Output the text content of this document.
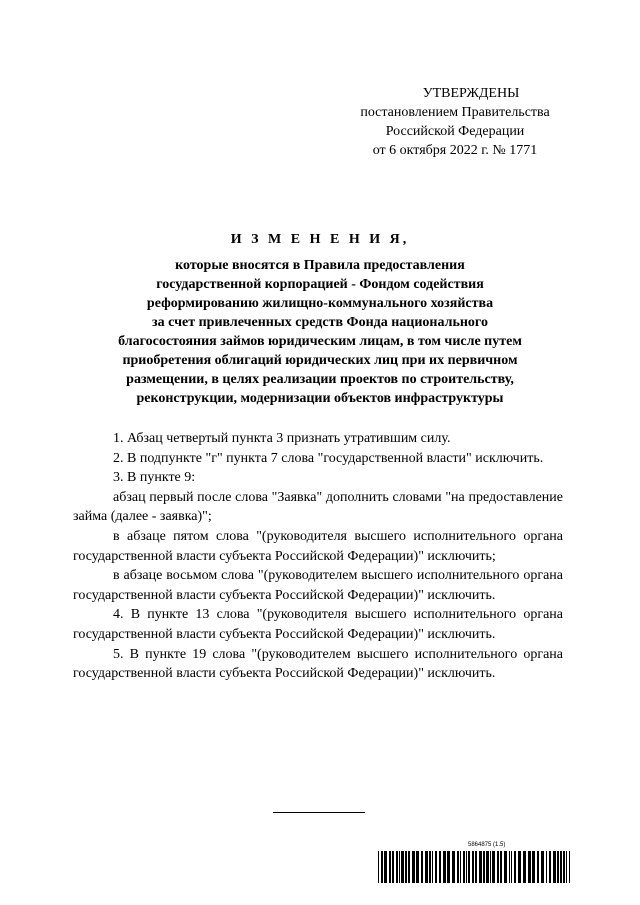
УТВЕРЖДЕНЫ
постановлением Правительства
Российской Федерации
от 6 октября 2022 г. № 1771
И З М Е Н Е Н И Я,
которые вносятся в Правила предоставления
государственной корпорацией - Фондом содействия
реформированию жилищно-коммунального хозяйства
за счет привлеченных средств Фонда национального
благосостояния займов юридическим лицам, в том числе путем
приобретения облигаций юридических лиц при их первичном
размещении, в целях реализации проектов по строительству,
реконструкции, модернизации объектов инфраструктуры

1. Абзац четвертый пункта 3 признать утратившим силу.

2. В подпункте "г" пункта 7 слова "государственной власти" исключить.

3. В пункте 9:

абзац первый после слова "Заявка" дополнить словами "на предоставление займа (далее - заявка)";

в абзаце пятом слова "(руководителя высшего исполнительного органа государственной власти субъекта Российской Федерации)" исключить;

в абзаце восьмом слова "(руководителем высшего исполнительного органа государственной власти субъекта Российской Федерации)" исключить.

4. В пункте 13 слова "(руководителя высшего исполнительного органа государственной власти субъекта Российской Федерации)" исключить.

5. В пункте 19 слова "(руководителем высшего исполнительного органа государственной власти субъекта Российской Федерации)" исключить.

5864875 (1.5)
